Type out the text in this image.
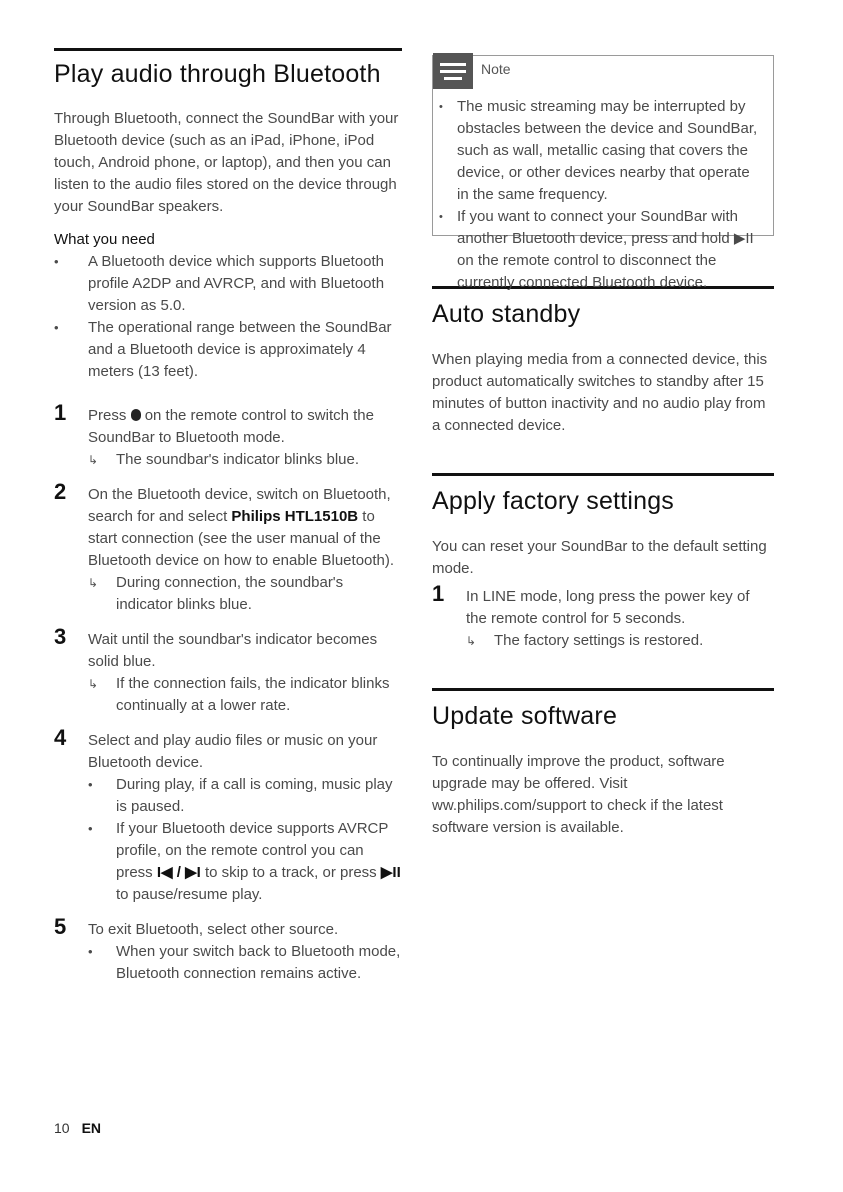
Play audio through Bluetooth

Through Bluetooth, connect the SoundBar with your Bluetooth device (such as an iPad, iPhone, iPod touch, Android phone, or laptop), and then you can listen to the audio files stored on the device through your SoundBar speakers.

What you need
• A Bluetooth device which supports Bluetooth profile A2DP and AVRCP, and with Bluetooth version as 5.0.
• The operational range between the SoundBar and a Bluetooth device is approximately 4 meters (13 feet).
1 Press on the remote control to switch the SoundBar to Bluetooth mode.
↳ The soundbar's indicator blinks blue.
2 On the Bluetooth device, switch on Bluetooth, search for and select Philips HTL1510B to start connection (see the user manual of the Bluetooth device on how to enable Bluetooth).
↳ During connection, the soundbar's indicator blinks blue.
3 Wait until the soundbar's indicator becomes solid blue.
↳ If the connection fails, the indicator blinks continually at a lower rate.
4 Select and play audio files or music on your Bluetooth device.
• During play, if a call is coming, music play is paused.
• If your Bluetooth device supports AVRCP profile, on the remote control you can press I◀ / ▶I to skip to a track, or press ▶II to pause/resume play.
5 To exit Bluetooth, select other source.
• When your switch back to Bluetooth mode, Bluetooth connection remains active.
Note
• The music streaming may be interrupted by obstacles between the device and SoundBar, such as wall, metallic casing that covers the device, or other devices nearby that operate in the same frequency.
• If you want to connect your SoundBar with another Bluetooth device, press and hold ▶II on the remote control to disconnect the currently connected Bluetooth device.
Auto standby

When playing media from a connected device, this product automatically switches to standby after 15 minutes of button inactivity and no audio play from a connected device.

Apply factory settings

You can reset your SoundBar to the default setting mode.

1 In LINE mode, long press the power key of the remote control for 5 seconds.
↳ The factory settings is restored.
Update software

To continually improve the product, software upgrade may be offered. Visit ww.philips.com/support to check if the latest software version is available.

10 EN
